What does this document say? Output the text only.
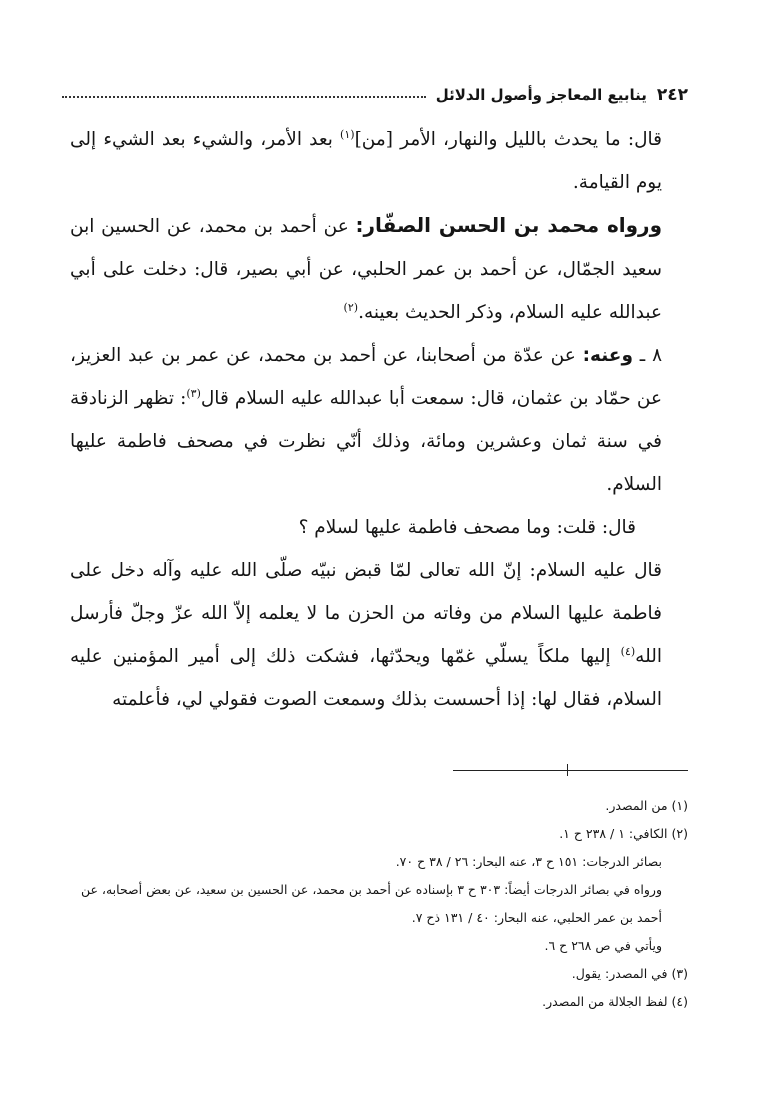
٢٤٢
ينابيع المعاجز وأصول الدلائل

قال: ما يحدث بالليل والنهار، الأمر [من]$^{(١)}$ بعد الأمر، والشيء بعد الشيء إلى يوم القيامة.

ورواه محمد بن الحسن الصفّار: عن أحمد بن محمد، عن الحسين ابن سعيد الجمّال، عن أحمد بن عمر الحلبي، عن أبي بصير، قال: دخلت على أبي عبدالله عليه السلام، وذكر الحديث بعينه.$^{(٢)}$

٨ ـ وعنه: عن عدّة من أصحابنا، عن أحمد بن محمد، عن عمر بن عبد العزيز، عن حمّاد بن عثمان، قال: سمعت أبا عبدالله عليه السلام قال$^{(٣)}$: تظهر الزنادقة في سنة ثمان وعشرين ومائة، وذلك أنّي نظرت في مصحف فاطمة عليها السلام.

قال: قلت: وما مصحف فاطمة عليها لسلام ؟

قال عليه السلام: إنّ الله تعالى لمّا قبض نبيّه صلّى الله عليه وآله دخل على فاطمة عليها السلام من وفاته من الحزن ما لا يعلمه إلاّ الله عزّ وجلّ فأرسل الله$^{(٤)}$ إليها ملكاً يسلّي غمّها ويحدّثها، فشكت ذلك إلى أمير المؤمنين عليه السلام، فقال لها: إذا أحسست بذلك وسمعت الصوت فقولي لي، فأعلمته

(١) من المصدر.

(٢) الكافي: ١ / ٢٣٨ ح ١.

بصائر الدرجات: ١٥١ ح ٣، عنه البحار: ٢٦ / ٣٨ ح ٧٠.

ورواه في بصائر الدرجات أيضاً: ٣٠٣ ح ٣ بإسناده عن أحمد بن محمد، عن الحسين بن سعيد، عن بعض أصحابه، عن أحمد بن عمر الحلبي، عنه البحار: ٤٠ / ١٣١ ذح ٧.

ويأتي في ص ٢٦٨ ح ٦.

(٣) في المصدر: يقول.

(٤) لفظ الجلالة من المصدر.
